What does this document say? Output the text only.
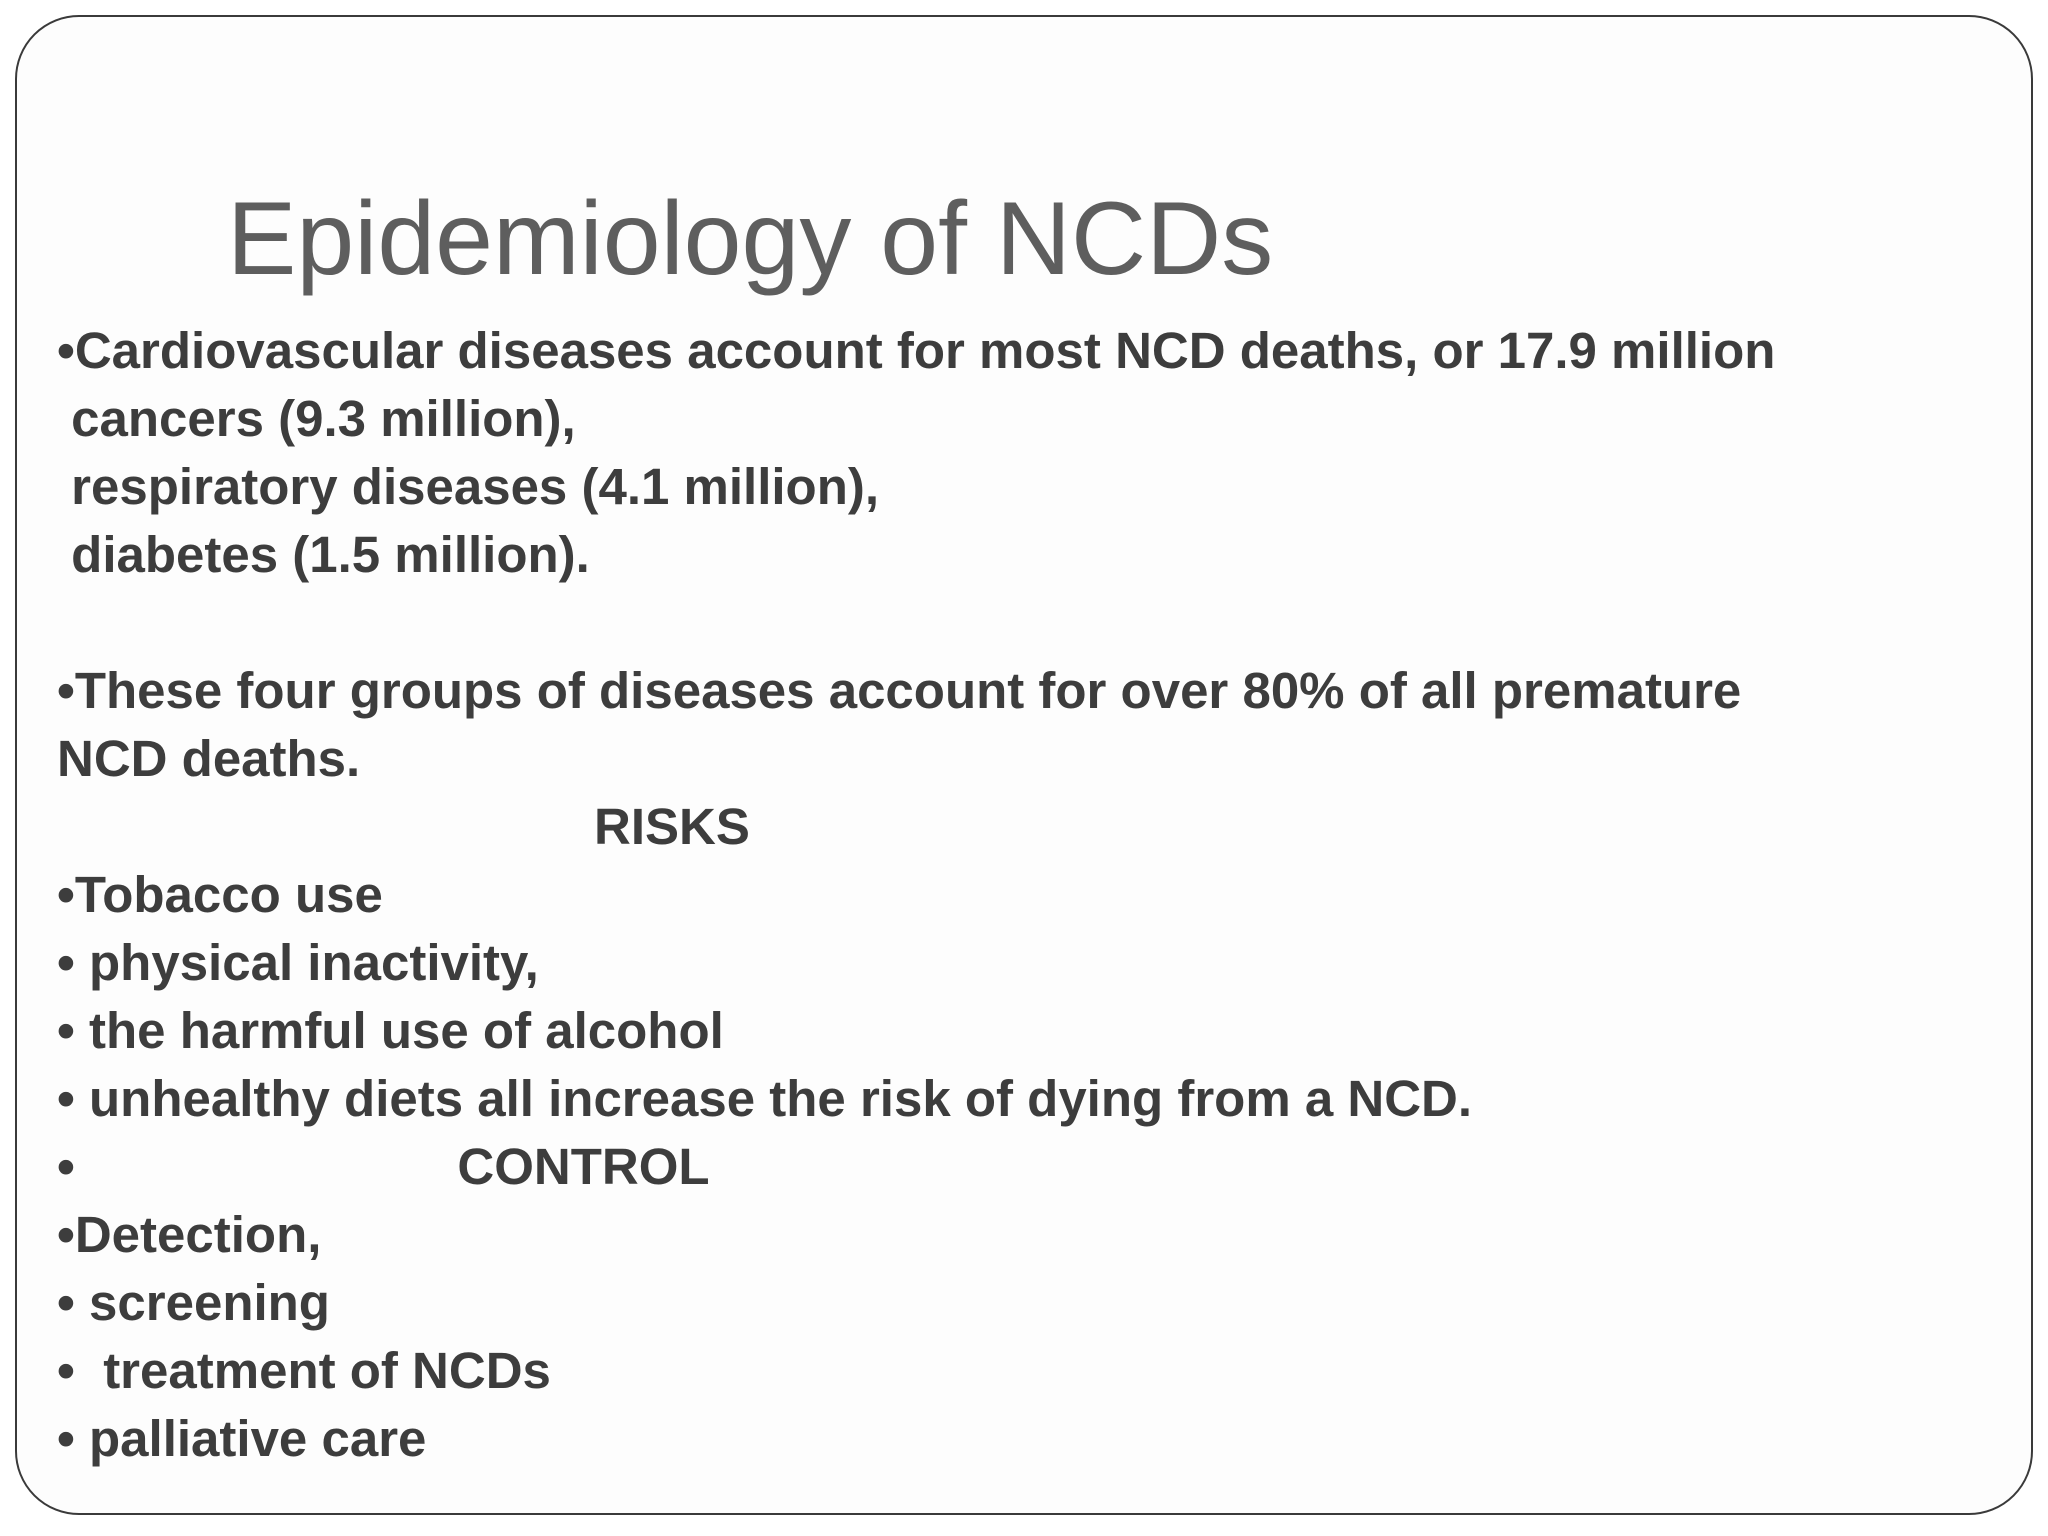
Epidemiology of NCDs
•Cardiovascular diseases account for most NCD deaths, or 17.9 million
cancers (9.3 million),
respiratory diseases (4.1 million),
diabetes (1.5 million).
•These four groups of diseases account for over 80% of all premature
NCD deaths.
RISKS
•Tobacco use
• physical inactivity,
• the harmful use of alcohol
• unhealthy diets all increase the risk of dying from a NCD.
•                           CONTROL
•Detection,
• screening
•  treatment of NCDs
• palliative care
